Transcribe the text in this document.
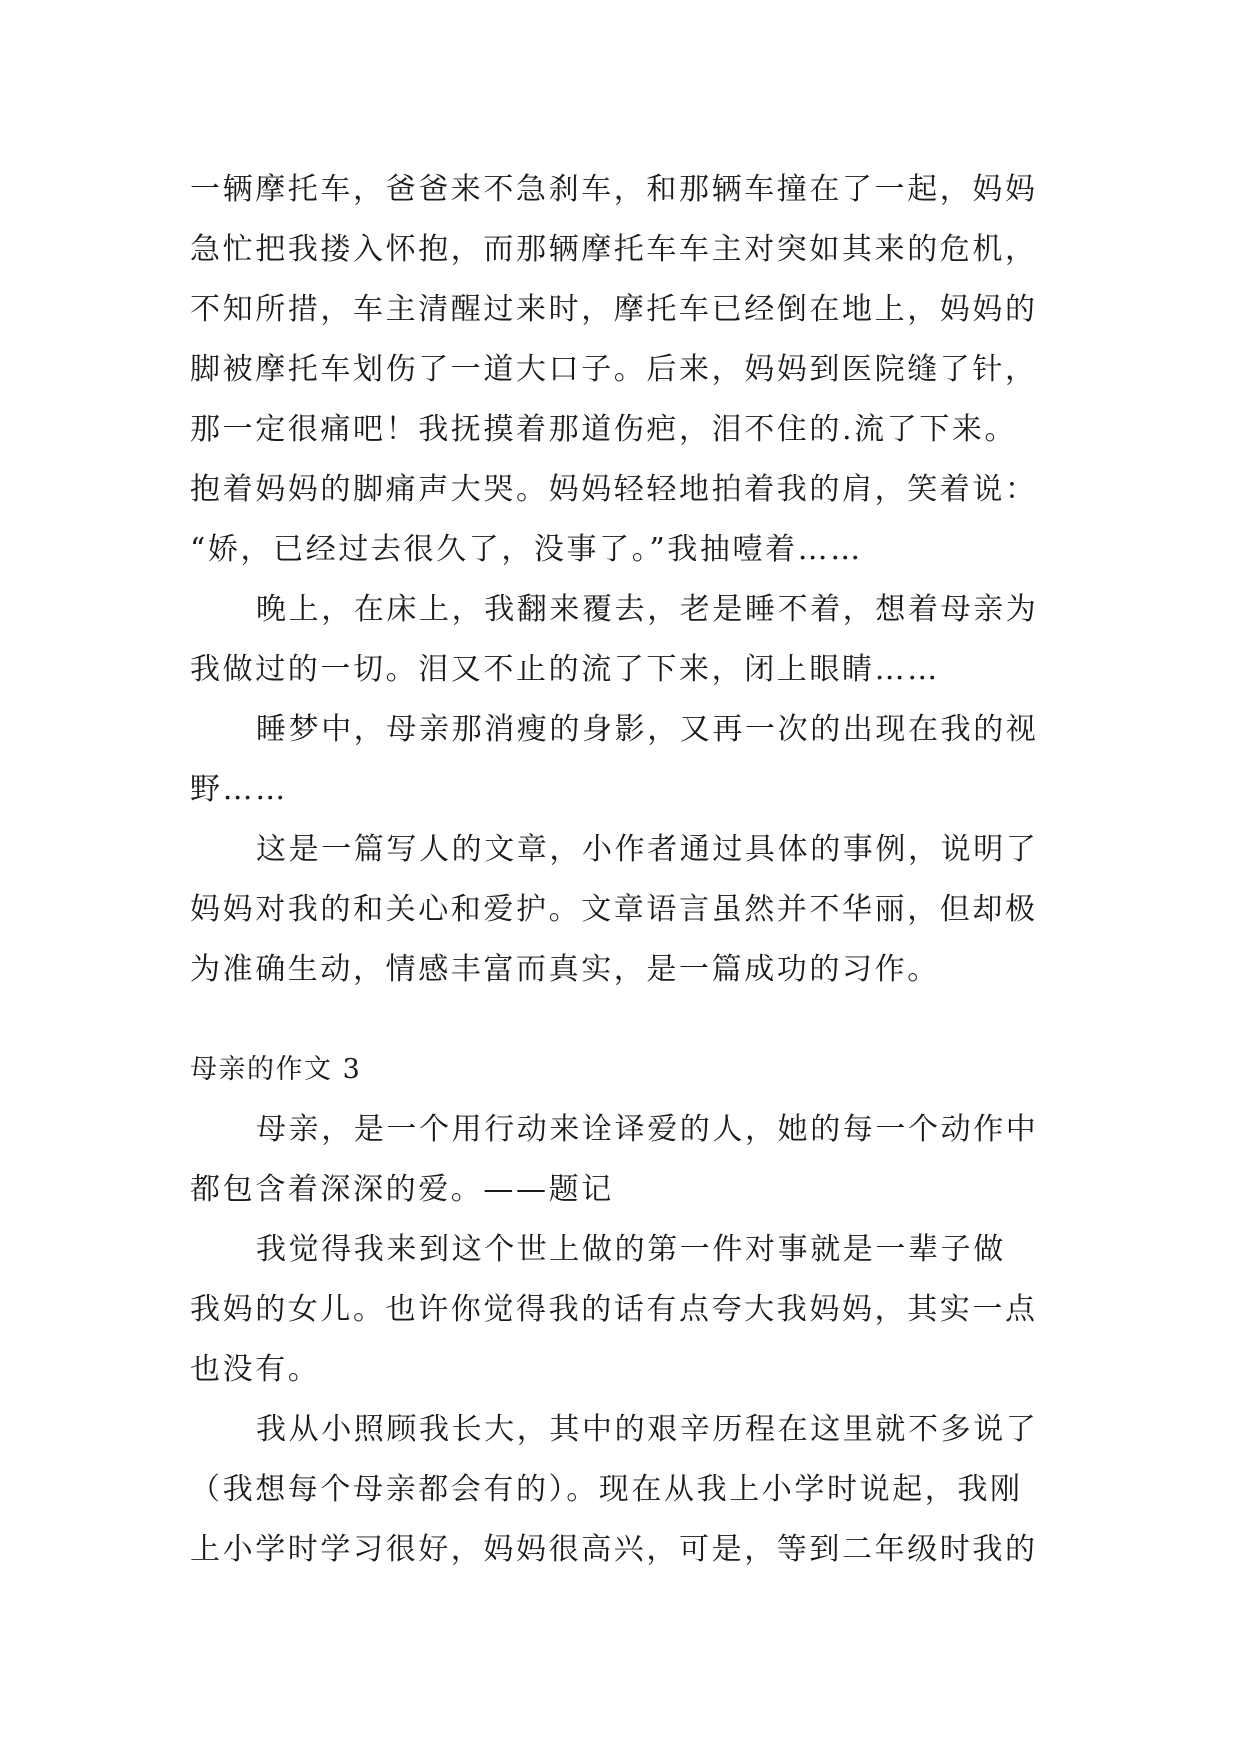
一辆摩托车，爸爸来不急刹车，和那辆车撞在了一起，妈妈

急忙把我搂入怀抱，而那辆摩托车车主对突如其来的危机，

不知所措，车主清醒过来时，摩托车已经倒在地上，妈妈的

脚被摩托车划伤了一道大口子。后来，妈妈到医院缝了针，

那一定很痛吧！我抚摸着那道伤疤，泪不住的.流了下来。

抱着妈妈的脚痛声大哭。妈妈轻轻地拍着我的肩，笑着说：

“娇，已经过去很久了，没事了。”我抽噎着……

晚上，在床上，我翻来覆去，老是睡不着，想着母亲为

我做过的一切。泪又不止的流了下来，闭上眼睛……

睡梦中，母亲那消瘦的身影，又再一次的出现在我的视

野……

这是一篇写人的文章，小作者通过具体的事例，说明了

妈妈对我的和关心和爱护。文章语言虽然并不华丽，但却极

为准确生动，情感丰富而真实，是一篇成功的习作。

母亲的作文 3

母亲，是一个用行动来诠译爱的人，她的每一个动作中

都包含着深深的爱。——题记

我觉得我来到这个世上做的第一件对事就是一辈子做

我妈的女儿。也许你觉得我的话有点夸大我妈妈，其实一点

也没有。

我从小照顾我长大，其中的艰辛历程在这里就不多说了

（我想每个母亲都会有的）。现在从我上小学时说起，我刚

上小学时学习很好，妈妈很高兴，可是，等到二年级时我的
